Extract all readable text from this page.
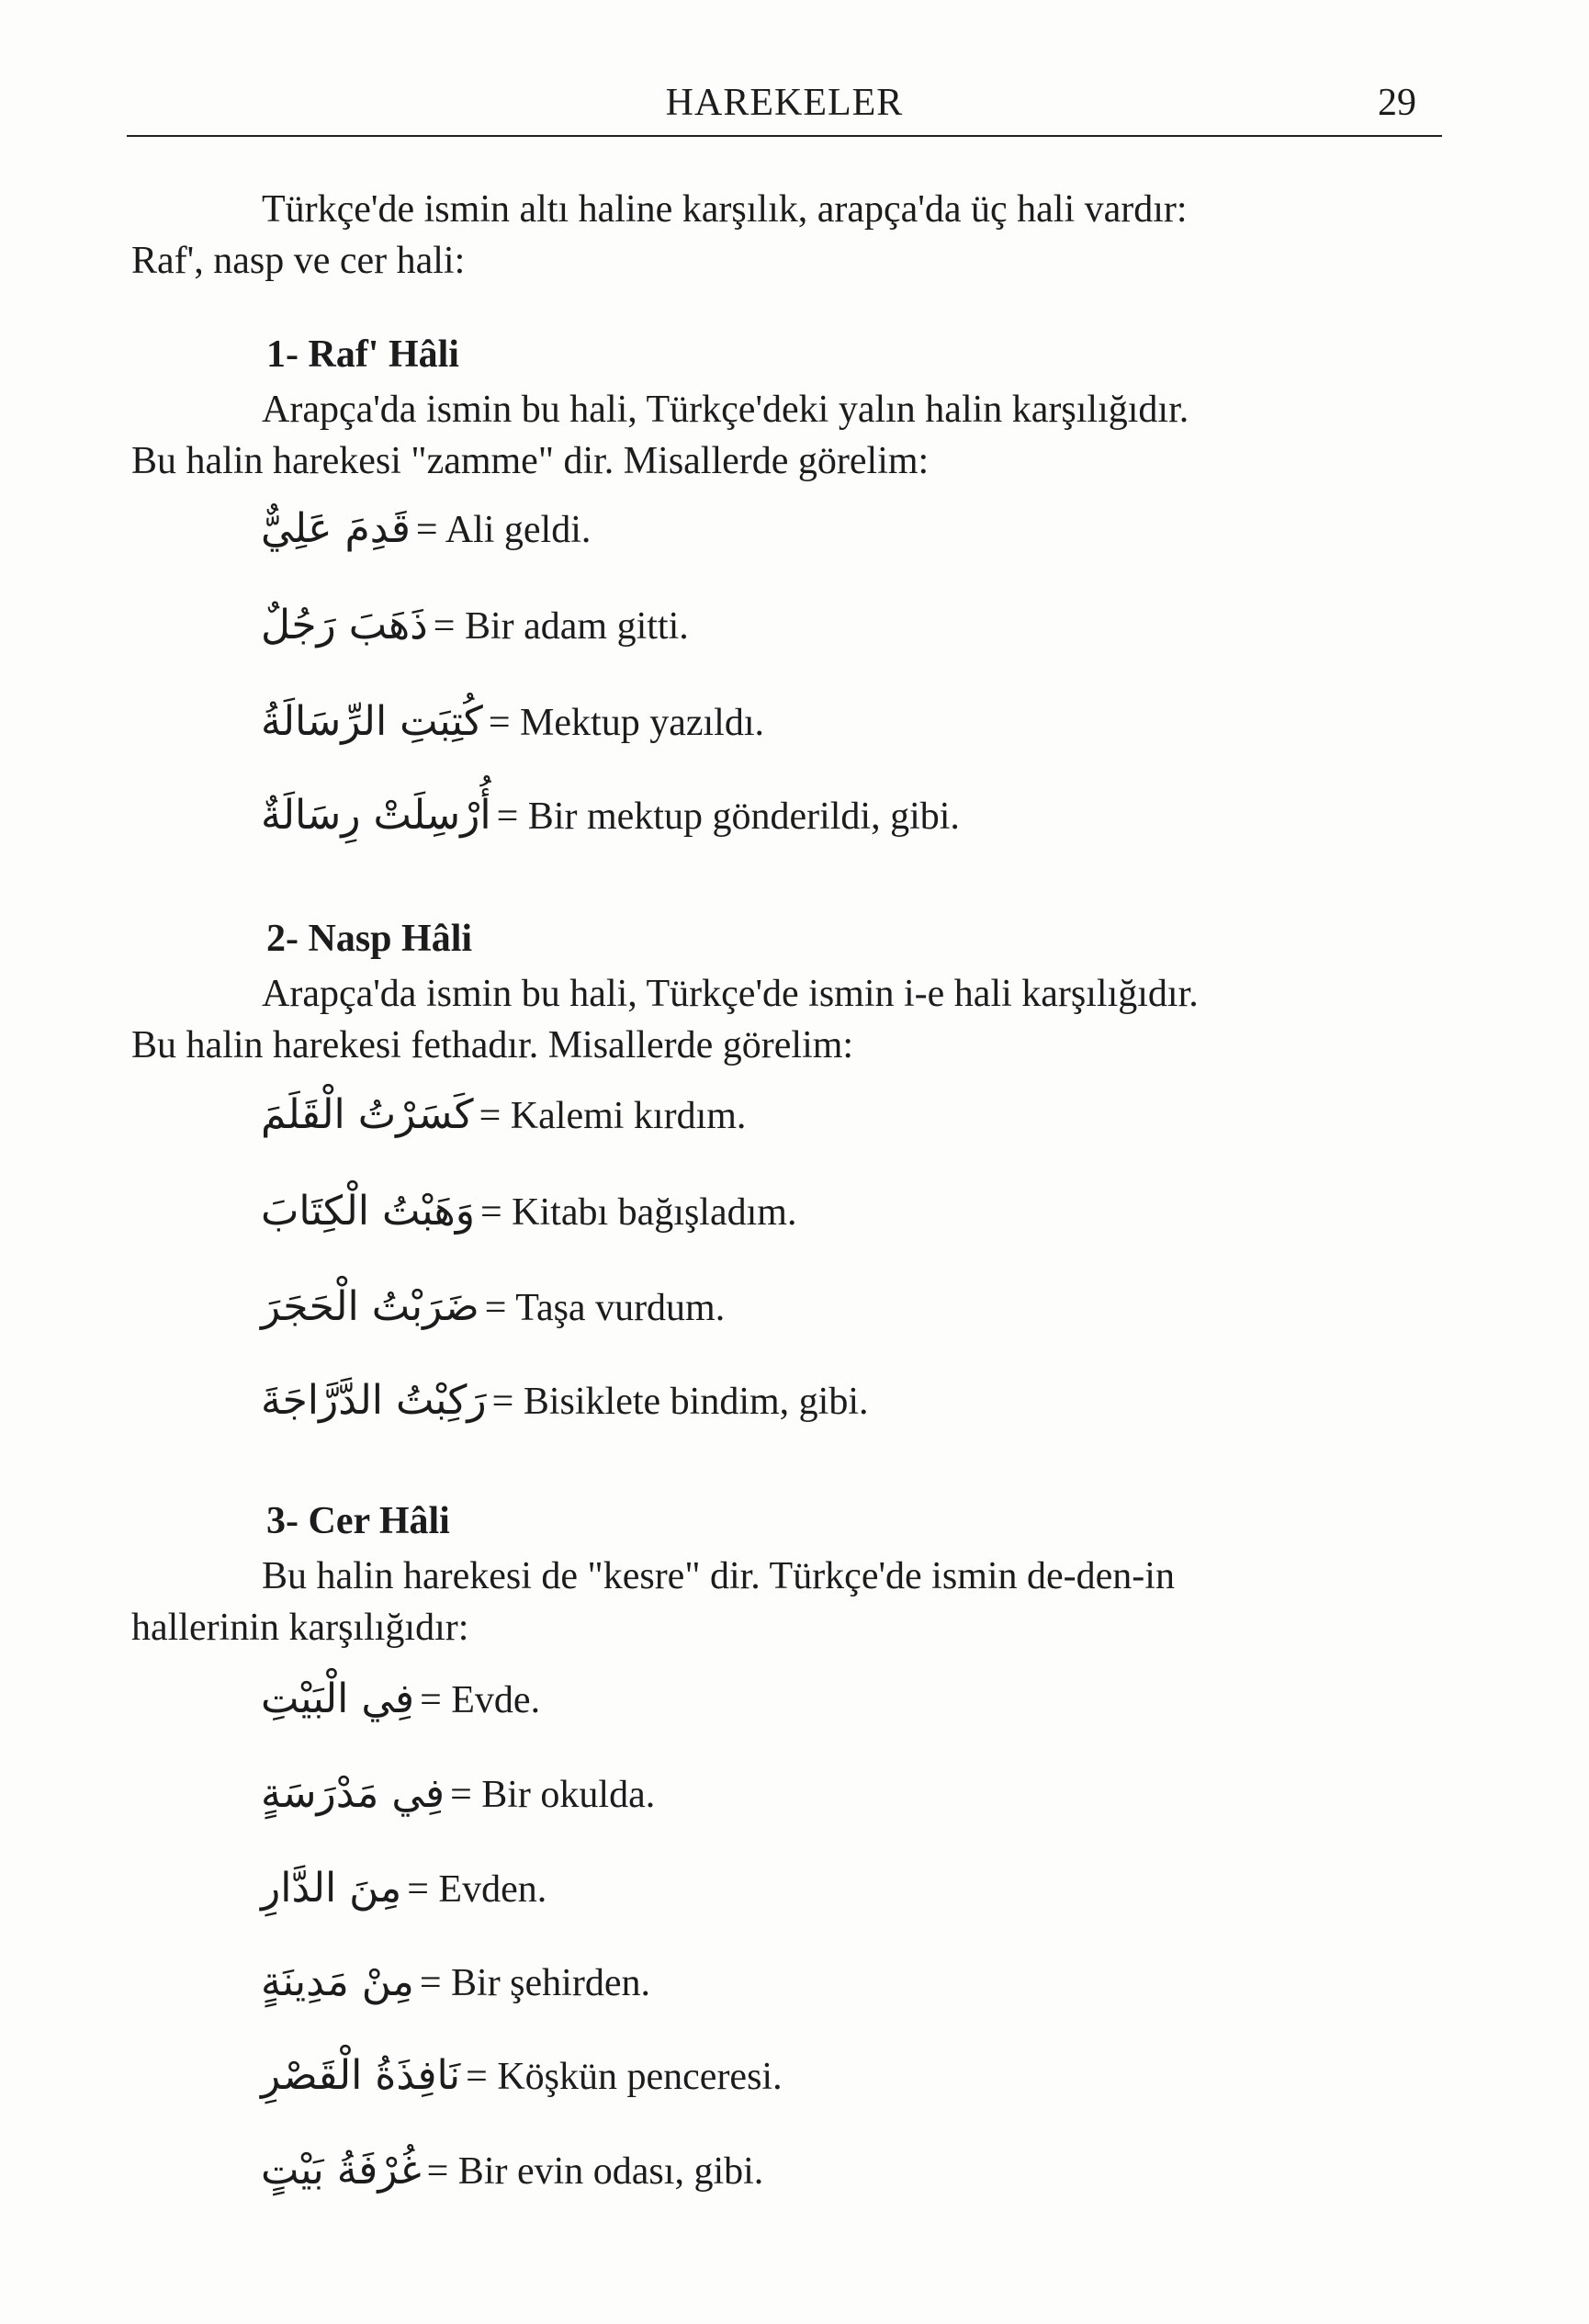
HAREKELER	29
Türkçe'de ismin altı haline karşılık, arapça'da üç hali vardır:
Raf', nasp ve cer hali:
1- Raf' Hâli
Arapça'da ismin bu hali, Türkçe'deki yalın halin karşılığıdır.
Bu halin harekesi "zamme" dir. Misallerde görelim:
قَدِمَ عَلِيٌّ = Ali geldi.
ذَهَبَ رَجُلٌ = Bir adam gitti.
كُتِبَتِ الرِّسَالَةُ = Mektup yazıldı.
أُرْسِلَتْ رِسَالَةٌ = Bir mektup gönderildi, gibi.
2- Nasp Hâli
Arapça'da ismin bu hali, Türkçe'de ismin i-e hali karşılığıdır.
Bu halin harekesi fethadır. Misallerde görelim:
كَسَرْتُ الْقَلَمَ = Kalemi kırdım.
وَهَبْتُ الْكِتَابَ = Kitabı bağışladım.
ضَرَبْتُ الْحَجَرَ = Taşa vurdum.
رَكِبْتُ الدَّرَّاجَةَ = Bisiklete bindim, gibi.
3- Cer Hâli
Bu halin harekesi de "kesre" dir. Türkçe'de ismin de-den-in
hallerinin karşılığıdır:
فِي الْبَيْتِ = Evde.
فِي مَدْرَسَةٍ = Bir okulda.
مِنَ الدَّارِ = Evden.
مِنْ مَدِينَةٍ = Bir şehirden.
نَافِذَةُ الْقَصْرِ = Köşkün penceresi.
غُرْفَةُ بَيْتٍ = Bir evin odası, gibi.
